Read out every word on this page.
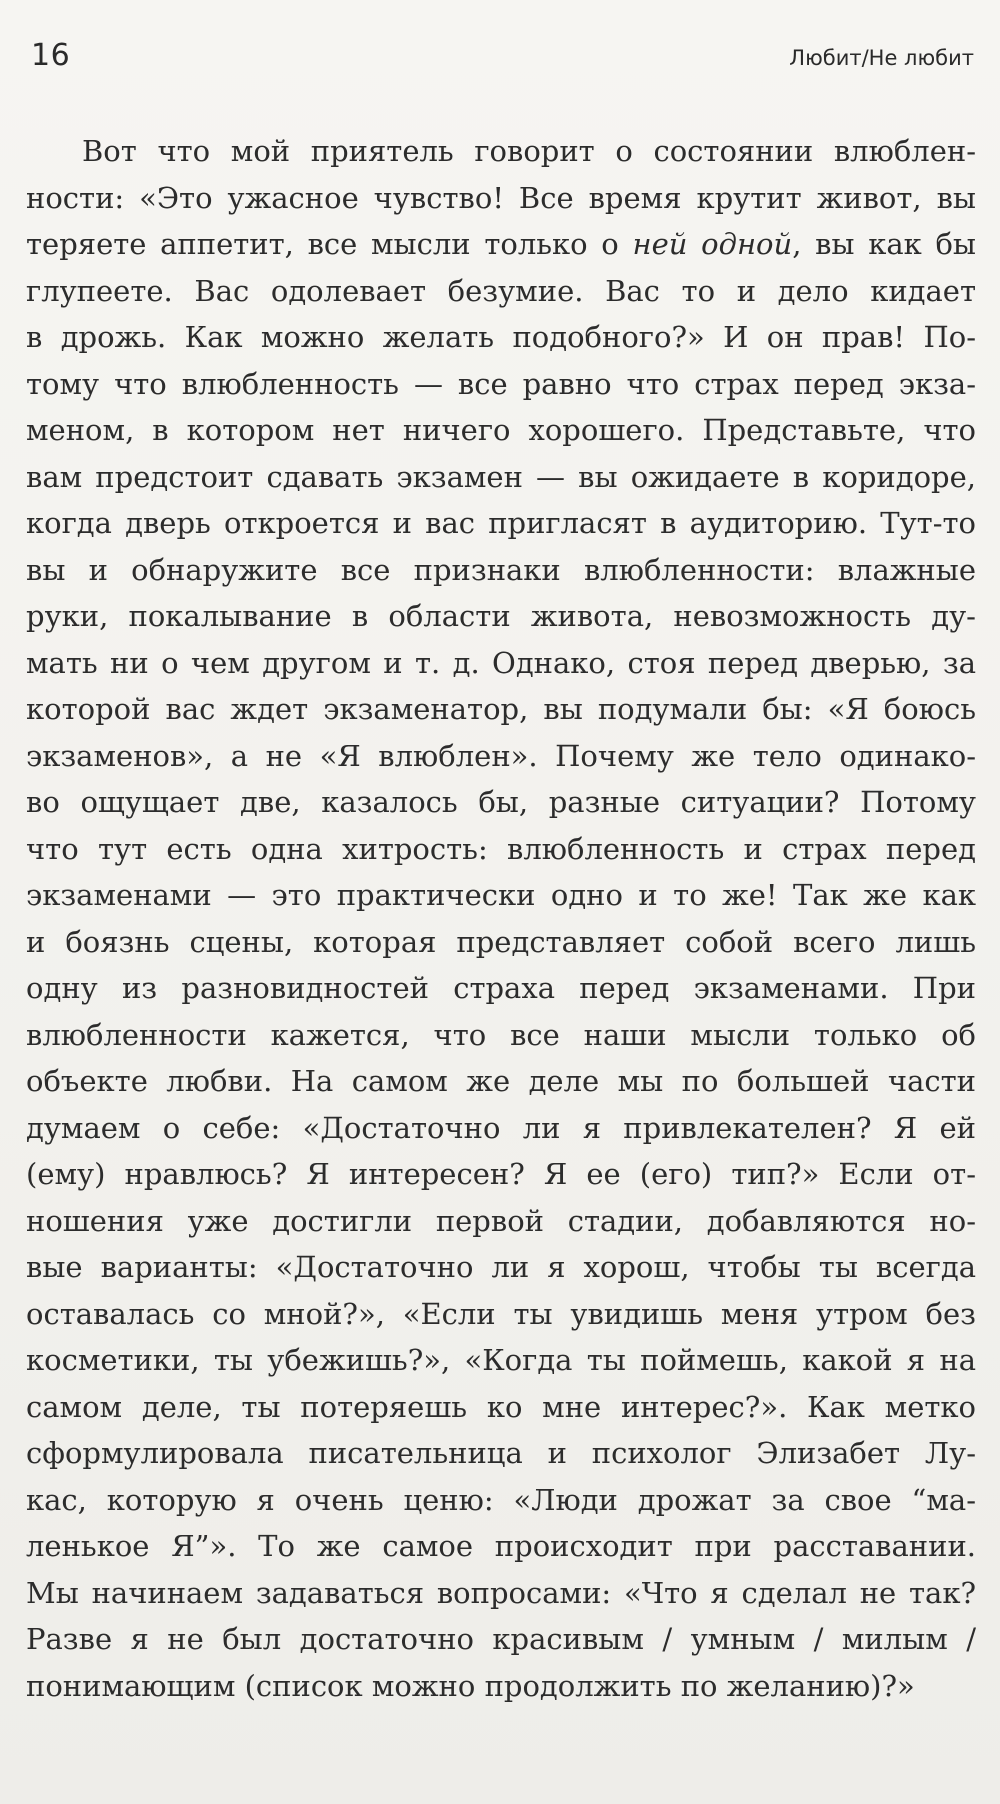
16	Любит/Не любит
Вот что мой приятель говорит о состоянии влюблен-
ности: «Это ужасное чувство! Все время крутит живот, вы
теряете аппетит, все мысли только о ней одной, вы как бы
глупеете. Вас одолевает безумие. Вас то и дело кидает
в дрожь. Как можно желать подобного?» И он прав! По-
тому что влюбленность — все равно что страх перед экза-
меном, в котором нет ничего хорошего. Представьте, что
вам предстоит сдавать экзамен — вы ожидаете в коридоре,
когда дверь откроется и вас пригласят в аудиторию. Тут-то
вы и обнаружите все признаки влюбленности: влажные
руки, покалывание в области живота, невозможность ду-
мать ни о чем другом и т. д. Однако, стоя перед дверью, за
которой вас ждет экзаменатор, вы подумали бы: «Я боюсь
экзаменов», а не «Я влюблен». Почему же тело одинако-
во ощущает две, казалось бы, разные ситуации? Потому
что тут есть одна хитрость: влюбленность и страх перед
экзаменами — это практически одно и то же! Так же как
и боязнь сцены, которая представляет собой всего лишь
одну из разновидностей страха перед экзаменами. При
влюбленности кажется, что все наши мысли только об
объекте любви. На самом же деле мы по большей части
думаем о себе: «Достаточно ли я привлекателен? Я ей
(ему) нравлюсь? Я интересен? Я ее (его) тип?» Если от-
ношения уже достигли первой стадии, добавляются но-
вые варианты: «Достаточно ли я хорош, чтобы ты всегда
оставалась со мной?», «Если ты увидишь меня утром без
косметики, ты убежишь?», «Когда ты поймешь, какой я на
самом деле, ты потеряешь ко мне интерес?». Как метко
сформулировала писательница и психолог Элизабет Лу-
кас, которую я очень ценю: «Люди дрожат за свое “ма-
ленькое Я”». То же самое происходит при расставании.
Мы начинаем задаваться вопросами: «Что я сделал не так?
Разве я не был достаточно красивым / умным / милым /
понимающим (список можно продолжить по желанию)?»
